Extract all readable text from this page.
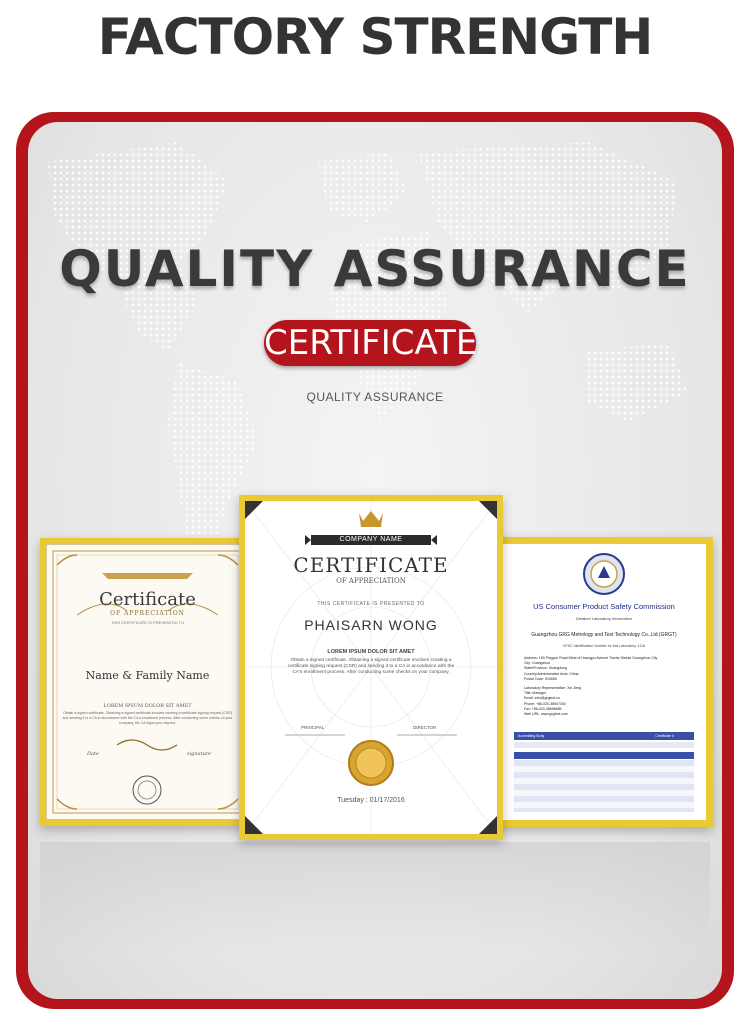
FACTORY STRENGTH
QUALITY ASSURANCE
CERTIFICATE
QUALITY ASSURANCE
Certificate
OF APPRECIATION
THIS CERTIFICATE IS PRESENTED TO
Name & Family Name
LOREM IPSUM DOLOR SIT AMET
Obtain a signed certificate. Obtaining a signed certificate involves creating a certificate signing request (CSR) and sending it to a CA in accordance with the CA's enrollment process. After conducting some checks on your company, the CA signs your request.
Date	signature
US Consumer Product Safety Commission
Detailed Laboratory Information
Guangzhou GRG Metrology and Test Technology Co.,Ltd.(GRGT)
CPSC Identification Number for this Laboratory: 1116
Address: 163 Pingyun Road West of Huangpu Avenue Tianhe District Guangzhou City
City: Guangzhou
State/Province: Guangdong
Country/Administrative Area: China
Postal Code: 510656
Laboratory Representative: Xin Zeng
Title: Manager
Email: zxin@grgtest.cn
Phone: +86-020-38697300
Fax: +86-020-38698685
Web URL: www.grgtest.com
Accrediting Body	Certificate #
COMPANY NAME
CERTIFICATE
OF APPRECIATION
THIS CERTIFICATE IS PRESENTED TO
PHAISARN WONG
LOREM IPSUM DOLOR SIT AMET
Obtain a signed certificate. Obtaining a signed certificate involves creating a certificate signing request (CSR) and sending it to a CA in accordance with the CA's enrollment process. After conducting some checks on your company.
PRINCIPAL	DIRECTOR
Tuesday : 01/17/2016
